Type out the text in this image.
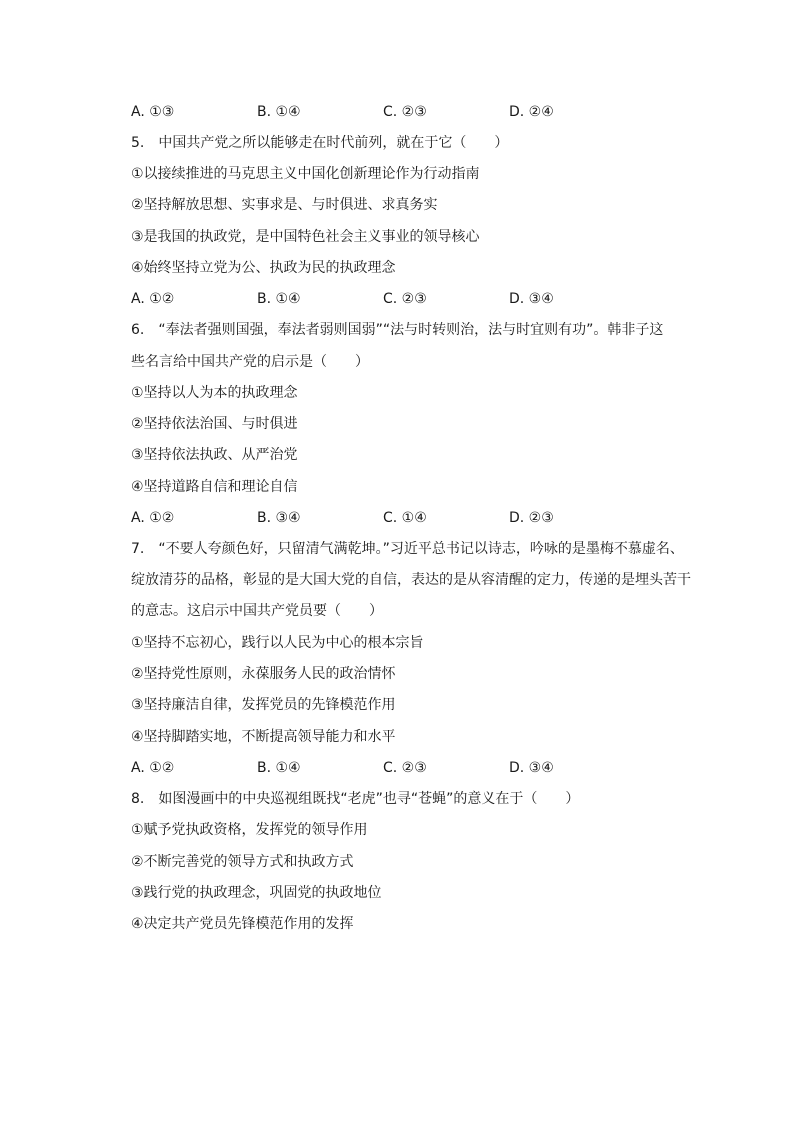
A. ①③	B. ①④	C. ②③	D. ②④
5.　中国共产党之所以能够走在时代前列，就在于它（　　）
①以接续推进的马克思主义中国化创新理论作为行动指南
②坚持解放思想、实事求是、与时俱进、求真务实
③是我国的执政党，是中国特色社会主义事业的领导核心
④始终坚持立党为公、执政为民的执政理念
A. ①②	B. ①④	C. ②③	D. ③④
6.　“奉法者强则国强，奉法者弱则国弱”“法与时转则治，法与时宜则有功”。韩非子这
些名言给中国共产党的启示是（　　）
①坚持以人为本的执政理念
②坚持依法治国、与时俱进
③坚持依法执政、从严治党
④坚持道路自信和理论自信
A. ①②	B. ③④	C. ①④	D. ②③
7.　“不要人夸颜色好，只留清气满乾坤。”习近平总书记以诗志，吟咏的是墨梅不慕虚名、
绽放清芬的品格，彰显的是大国大党的自信，表达的是从容清醒的定力，传递的是埋头苦干
的意志。这启示中国共产党员要（　　）
①坚持不忘初心，践行以人民为中心的根本宗旨
②坚持党性原则，永葆服务人民的政治情怀
③坚持廉洁自律，发挥党员的先锋模范作用
④坚持脚踏实地，不断提高领导能力和水平
A. ①②	B. ①④	C. ②③	D. ③④
8.　如图漫画中的中央巡视组既找“老虎”也寻“苍蝇”的意义在于（　　）
①赋予党执政资格，发挥党的领导作用
②不断完善党的领导方式和执政方式
③践行党的执政理念，巩固党的执政地位
④决定共产党员先锋模范作用的发挥
